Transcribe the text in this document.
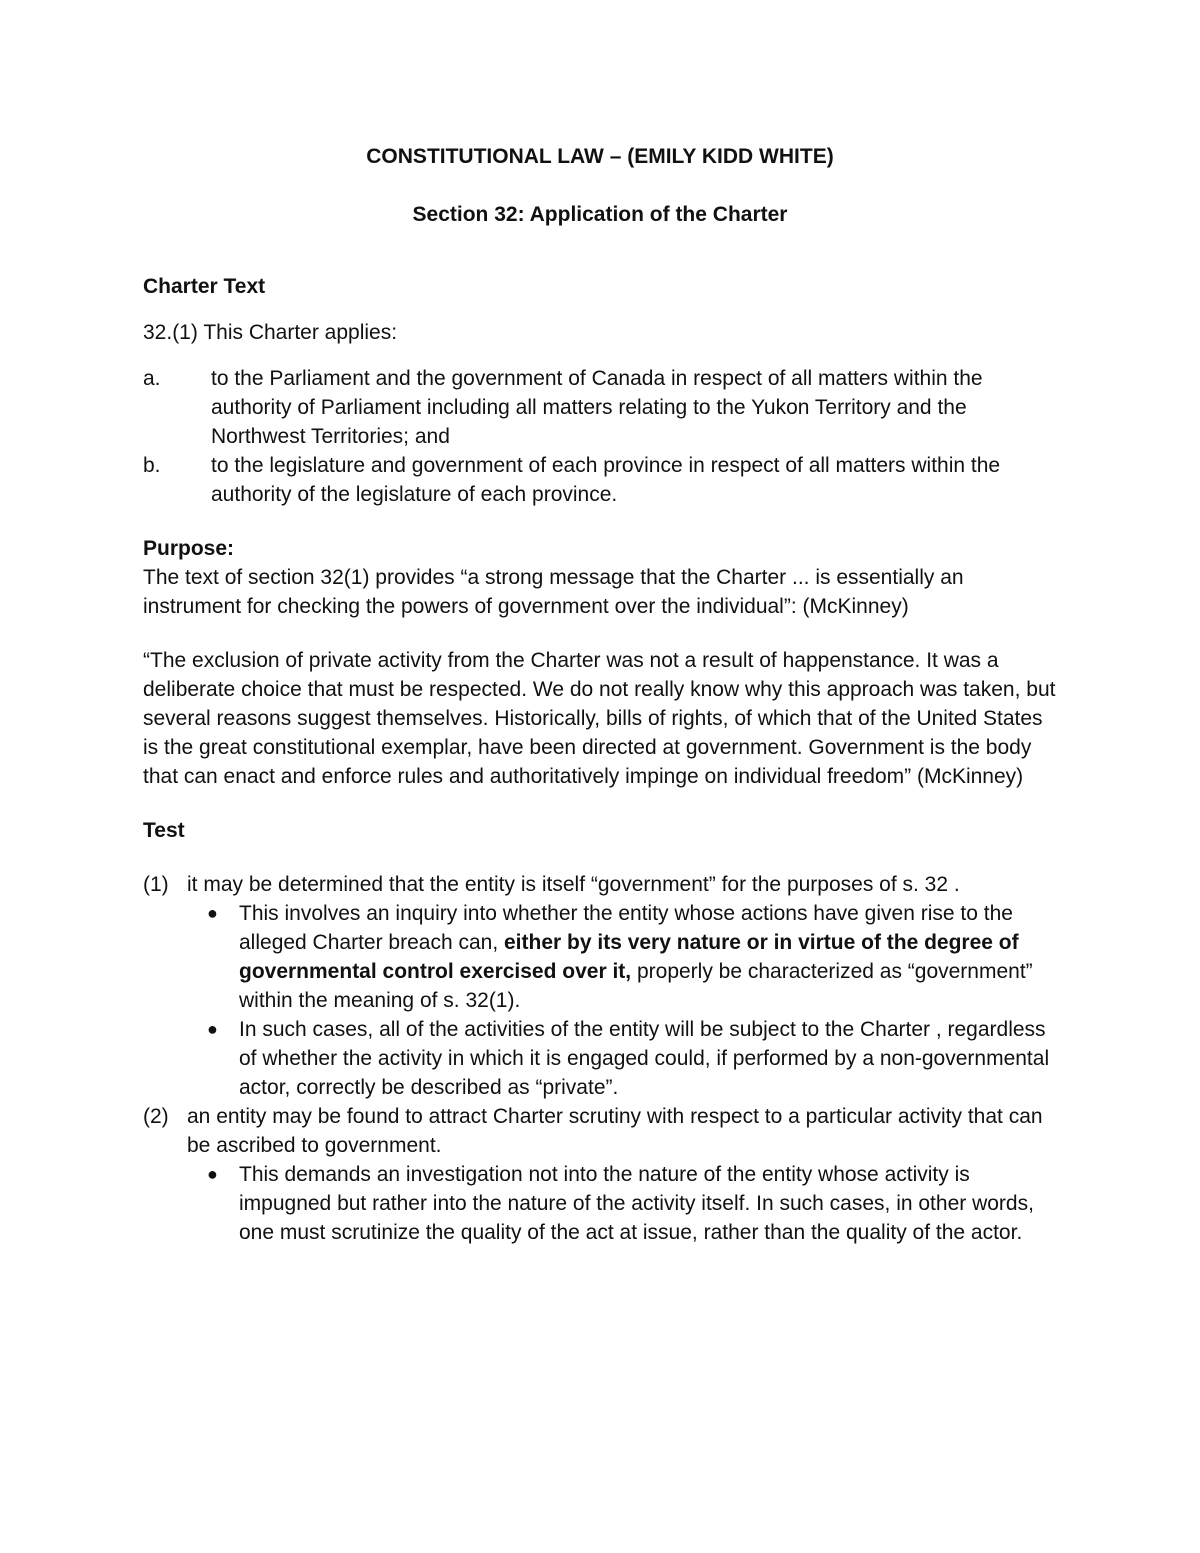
CONSTITUTIONAL LAW – (EMILY KIDD WHITE)
Section 32: Application of the Charter
Charter Text

32.(1) This Charter applies:

a.	to the Parliament and the government of Canada in respect of all matters within the authority of Parliament including all matters relating to the Yukon Territory and the Northwest Territories; and
b.	to the legislature and government of each province in respect of all matters within the authority of the legislature of each province.
Purpose:

The text of section 32(1) provides “a strong message that the Charter ... is essentially an instrument for checking the powers of government over the individual”: (McKinney)

“The exclusion of private activity from the Charter was not a result of happenstance. It was a deliberate choice that must be respected. We do not really know why this approach was taken, but several reasons suggest themselves. Historically, bills of rights, of which that of the United States is the great constitutional exemplar, have been directed at government. Government is the body that can enact and enforce rules and authoritatively impinge on individual freedom” (McKinney)

Test
(1) it may be determined that the entity is itself “government” for the purposes of s. 32 .
● This involves an inquiry into whether the entity whose actions have given rise to the alleged Charter breach can, either by its very nature or in virtue of the degree of governmental control exercised over it, properly be characterized as “government” within the meaning of s. 32(1).
● In such cases, all of the activities of the entity will be subject to the Charter , regardless of whether the activity in which it is engaged could, if performed by a non-governmental actor, correctly be described as “private”.
(2) an entity may be found to attract Charter scrutiny with respect to a particular activity that can be ascribed to government.
● This demands an investigation not into the nature of the entity whose activity is impugned but rather into the nature of the activity itself. In such cases, in other words, one must scrutinize the quality of the act at issue, rather than the quality of the actor.
